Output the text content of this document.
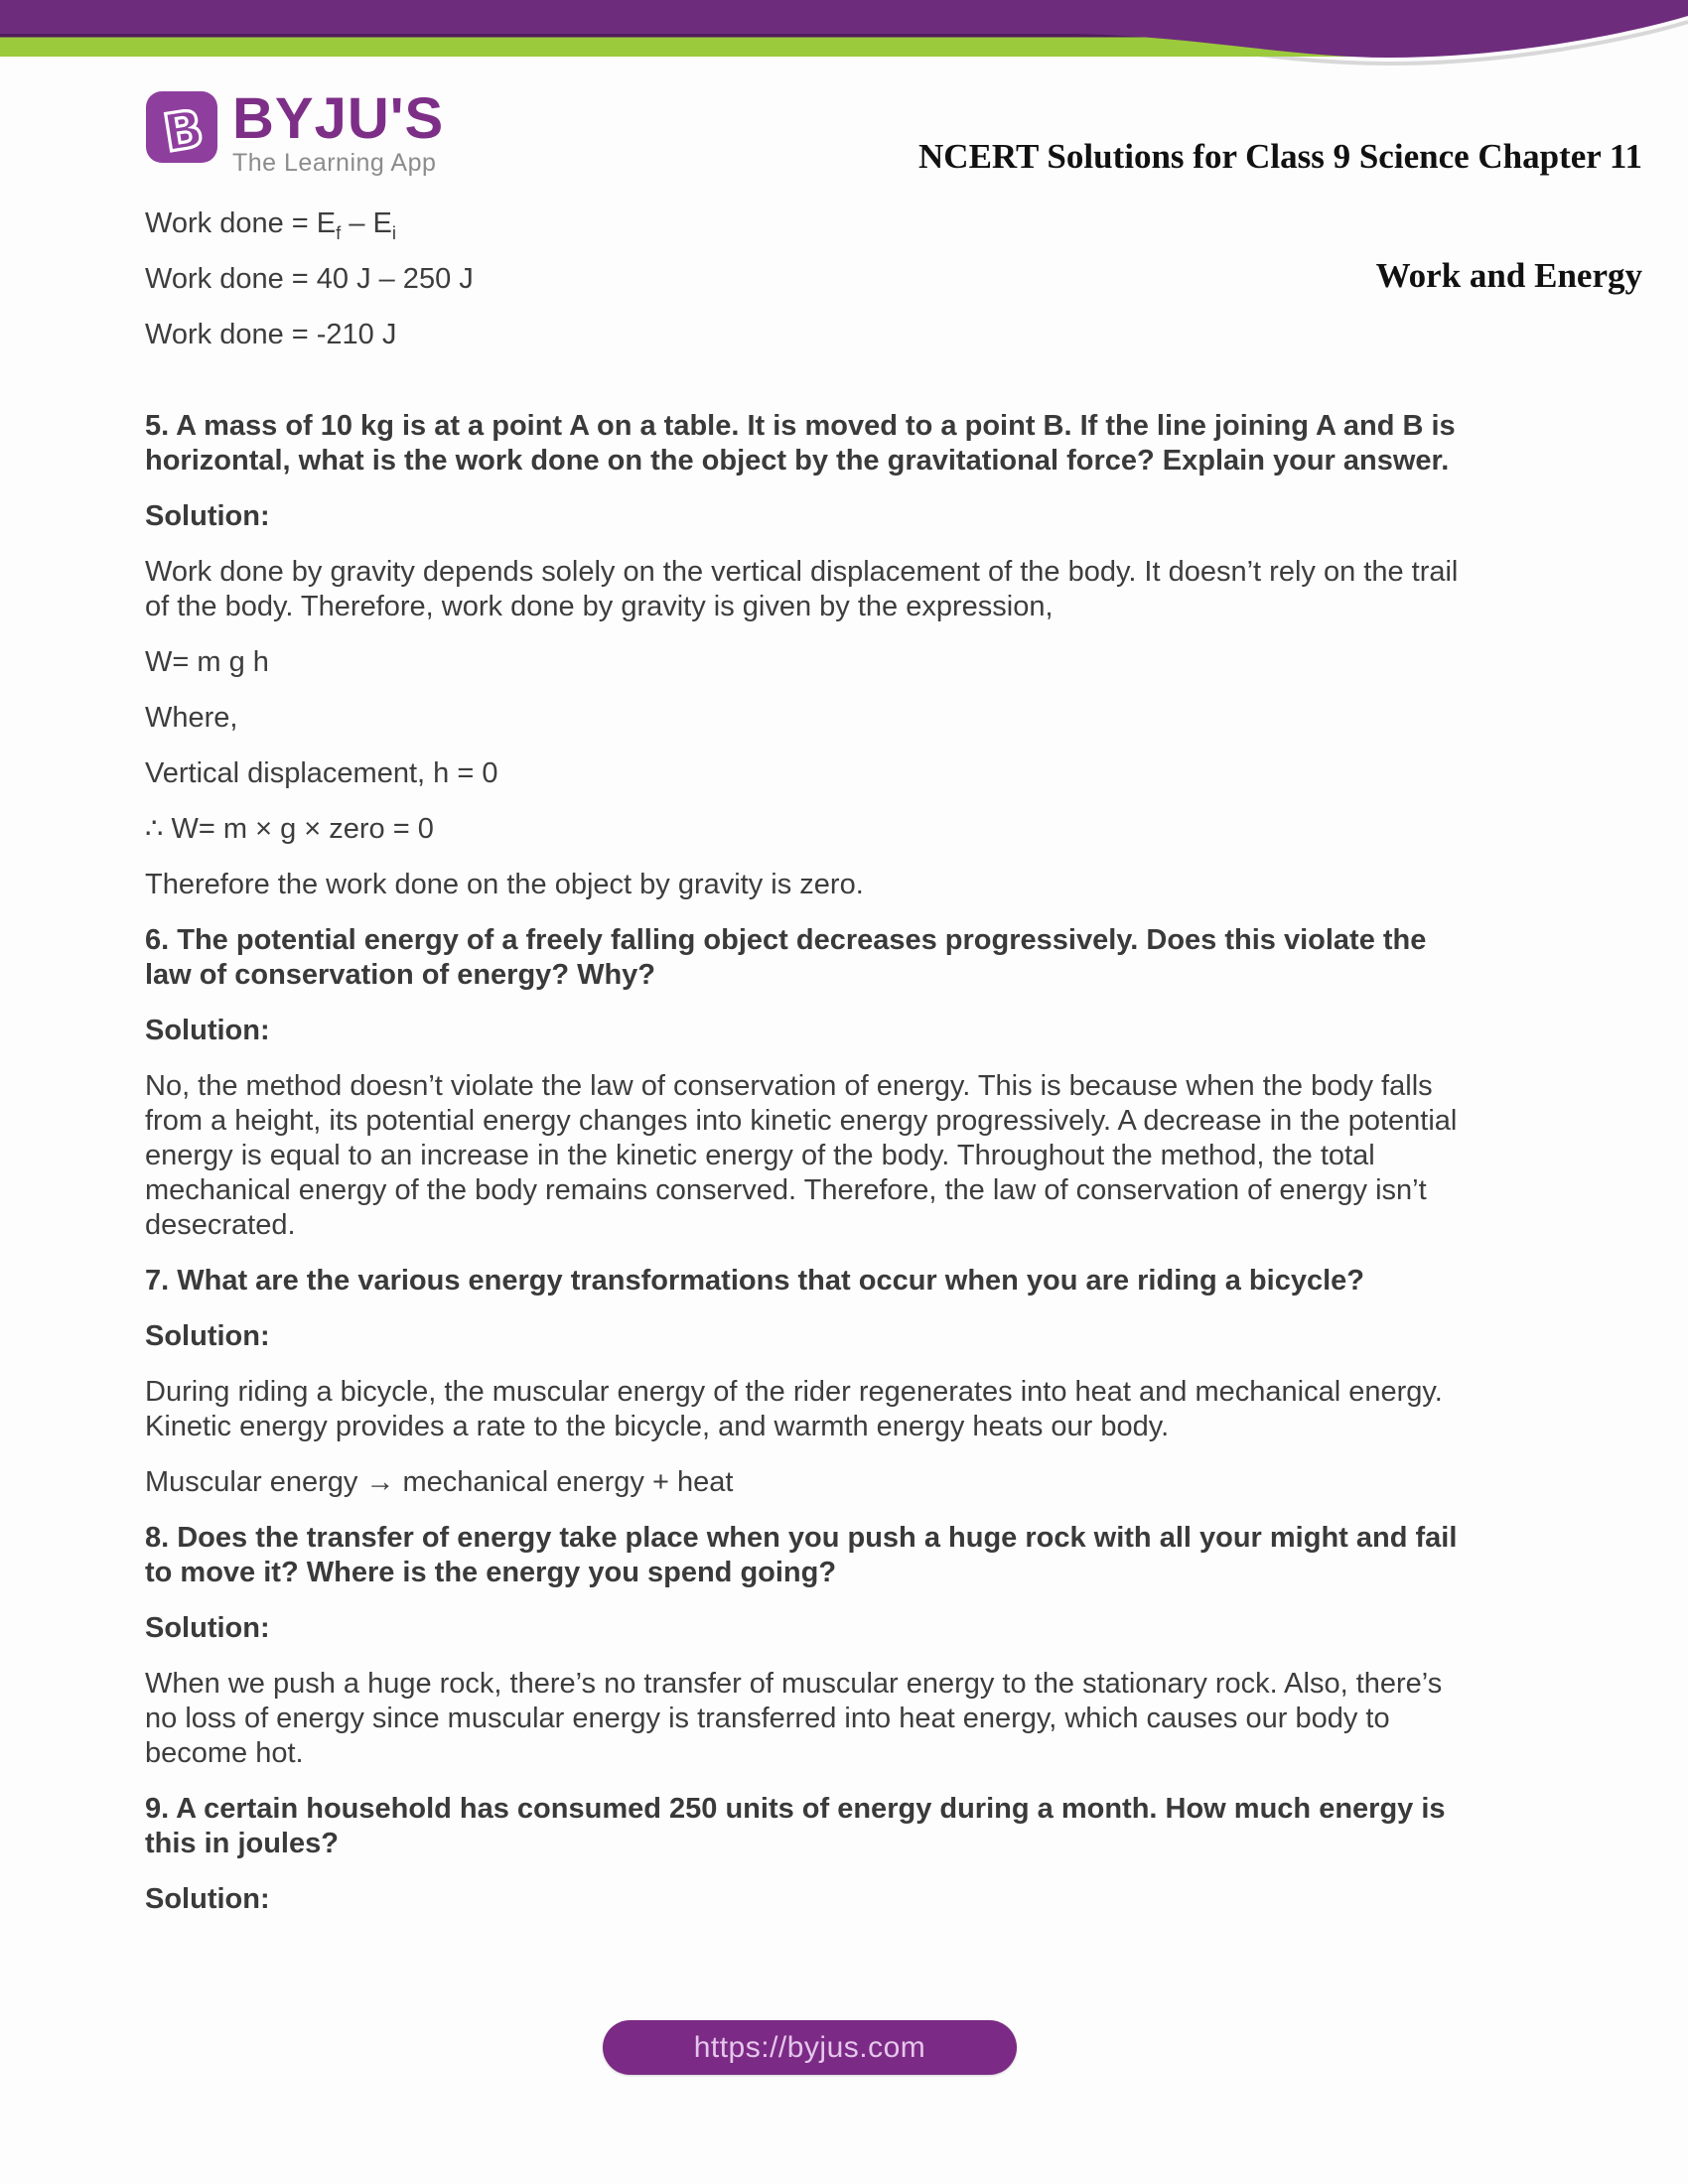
B BYJU'S
The Learning App

	NCERT Solutions for Class 9 Science Chapter 11

Work and Energy

Work done = $E_f - E_i$
Work done = 40 J – 250 J
Work done = -210 J
5. A mass of 10 kg is at a point A on a table. It is moved to a point B. If the line joining A and B is
horizontal, what is the work done on the object by the gravitational force? Explain your answer.
Solution:
Work done by gravity depends solely on the vertical displacement of the body. It doesn’t rely on the trail
of the body. Therefore, work done by gravity is given by the expression,
W= m g h
Where,
Vertical displacement, h = 0
∴ W= m × g × zero = 0
Therefore the work done on the object by gravity is zero.
6. The potential energy of a freely falling object decreases progressively. Does this violate the
law of conservation of energy? Why?
Solution:
No, the method doesn’t violate the law of conservation of energy. This is because when the body falls
from a height, its potential energy changes into kinetic energy progressively. A decrease in the potential
energy is equal to an increase in the kinetic energy of the body. Throughout the method, the total
mechanical energy of the body remains conserved. Therefore, the law of conservation of energy isn’t
desecrated.
7. What are the various energy transformations that occur when you are riding a bicycle?
Solution:
During riding a bicycle, the muscular energy of the rider regenerates into heat and mechanical energy.
Kinetic energy provides a rate to the bicycle, and warmth energy heats our body.
Muscular energy → mechanical energy + heat
8. Does the transfer of energy take place when you push a huge rock with all your might and fail
to move it? Where is the energy you spend going?
Solution:
When we push a huge rock, there’s no transfer of muscular energy to the stationary rock. Also, there’s
no loss of energy since muscular energy is transferred into heat energy, which causes our body to
become hot.
9. A certain household has consumed 250 units of energy during a month. How much energy is
this in joules?
Solution:
https://byjus.com
